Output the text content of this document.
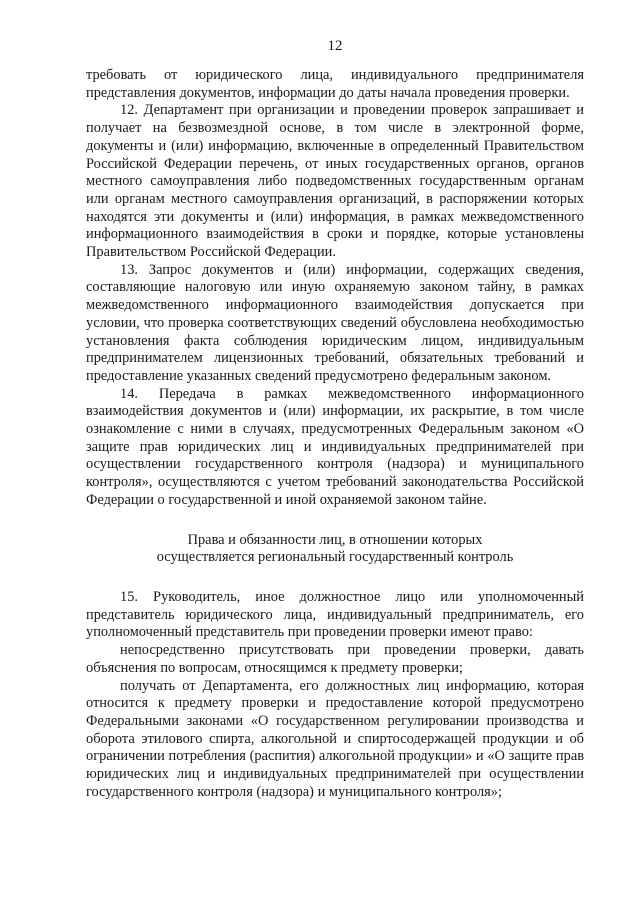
12

требовать от юридического лица, индивидуального предпринимателя представления документов, информации до даты начала проведения проверки.

12. Департамент при организации и проведении проверок запрашивает и получает на безвозмездной основе, в том числе в электронной форме, документы и (или) информацию, включенные в определенный Правительством Российской Федерации перечень, от иных государственных органов, органов местного самоуправления либо подведомственных государственным органам или органам местного самоуправления организаций, в распоряжении которых находятся эти документы и (или) информация, в рамках межведомственного информационного взаимодействия в сроки и порядке, которые установлены Правительством Российской Федерации.

13. Запрос документов и (или) информации, содержащих сведения, составляющие налоговую или иную охраняемую законом тайну, в рамках межведомственного информационного взаимодействия допускается при условии, что проверка соответствующих сведений обусловлена необходимостью установления факта соблюдения юридическим лицом, индивидуальным предпринимателем лицензионных требований, обязательных требований и предоставление указанных сведений предусмотрено федеральным законом.

14. Передача в рамках межведомственного информационного взаимодействия документов и (или) информации, их раскрытие, в том числе ознакомление с ними в случаях, предусмотренных Федеральным законом «О защите прав юридических лиц и индивидуальных предпринимателей при осуществлении государственного контроля (надзора) и муниципального контроля», осуществляются с учетом требований законодательства Российской Федерации о государственной и иной охраняемой законом тайне.

Права и обязанности лиц, в отношении которых
осуществляется региональный государственный контроль

15. Руководитель, иное должностное лицо или уполномоченный представитель юридического лица, индивидуальный предприниматель, его уполномоченный представитель при проведении проверки имеют право:

непосредственно присутствовать при проведении проверки, давать объяснения по вопросам, относящимся к предмету проверки;

получать от Департамента, его должностных лиц информацию, которая относится к предмету проверки и предоставление которой предусмотрено Федеральными законами «О государственном регулировании производства и оборота этилового спирта, алкогольной и спиртосодержащей продукции и об ограничении потребления (распития) алкогольной продукции» и «О защите прав юридических лиц и индивидуальных предпринимателей при осуществлении государственного контроля (надзора) и муниципального контроля»;
